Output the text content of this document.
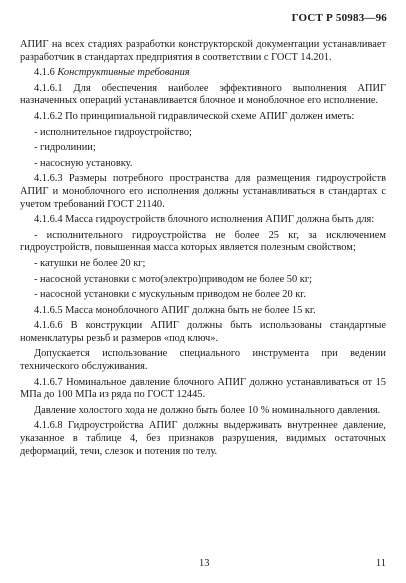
ГОСТ Р 50983—96

АПИГ на всех стадиях разработки конструкторской документации устанавливает разработчик в стандартах предприятия в соответствии с ГОСТ 14.201.

4.1.6 Конструктивные требования

4.1.6.1 Для обеспечения наиболее эффективного выполнения АПИГ назначенных операций устанавливается блочное и моноблочное его исполнение.

4.1.6.2 По принципиальной гидравлической схеме АПИГ должен иметь:

- исполнительное гидроустройство;

- гидролинии;

- насосную установку.

4.1.6.3 Размеры потребного пространства для размещения гидроустройств АПИГ и моноблочного его исполнения должны устанавливаться в стандартах с учетом требований ГОСТ 21140.

4.1.6.4 Масса гидроустройств блочного исполнения АПИГ должна быть для:

- исполнительного гидроустройства не более 25 кг, за исключением гидроустройств, повышенная масса которых является полезным свойством;

- катушки не более 20 кг;

- насосной установки с мото(электро)приводом не более 50 кг;

- насосной установки с мускульным приводом не более 20 кг.

4.1.6.5 Масса моноблочного АПИГ должна быть не более 15 кг.

4.1.6.6 В конструкции АПИГ должны быть использованы стандартные номенклатуры резьб и размеров «под ключ».

Допускается использование специального инструмента при ведении технического обслуживания.

4.1.6.7 Номинальное давление блочного АПИГ должно устанавливаться от 15 МПа до 100 МПа из ряда по ГОСТ 12445.

Давление холостого хода не должно быть более 10 % номинального давления.

4.1.6.8 Гидроустройства АПИГ должны выдерживать внутреннее давление, указанное в таблице 4, без признаков разрушения, видимых остаточных деформаций, течи, слезок и потения по телу.

13	11
